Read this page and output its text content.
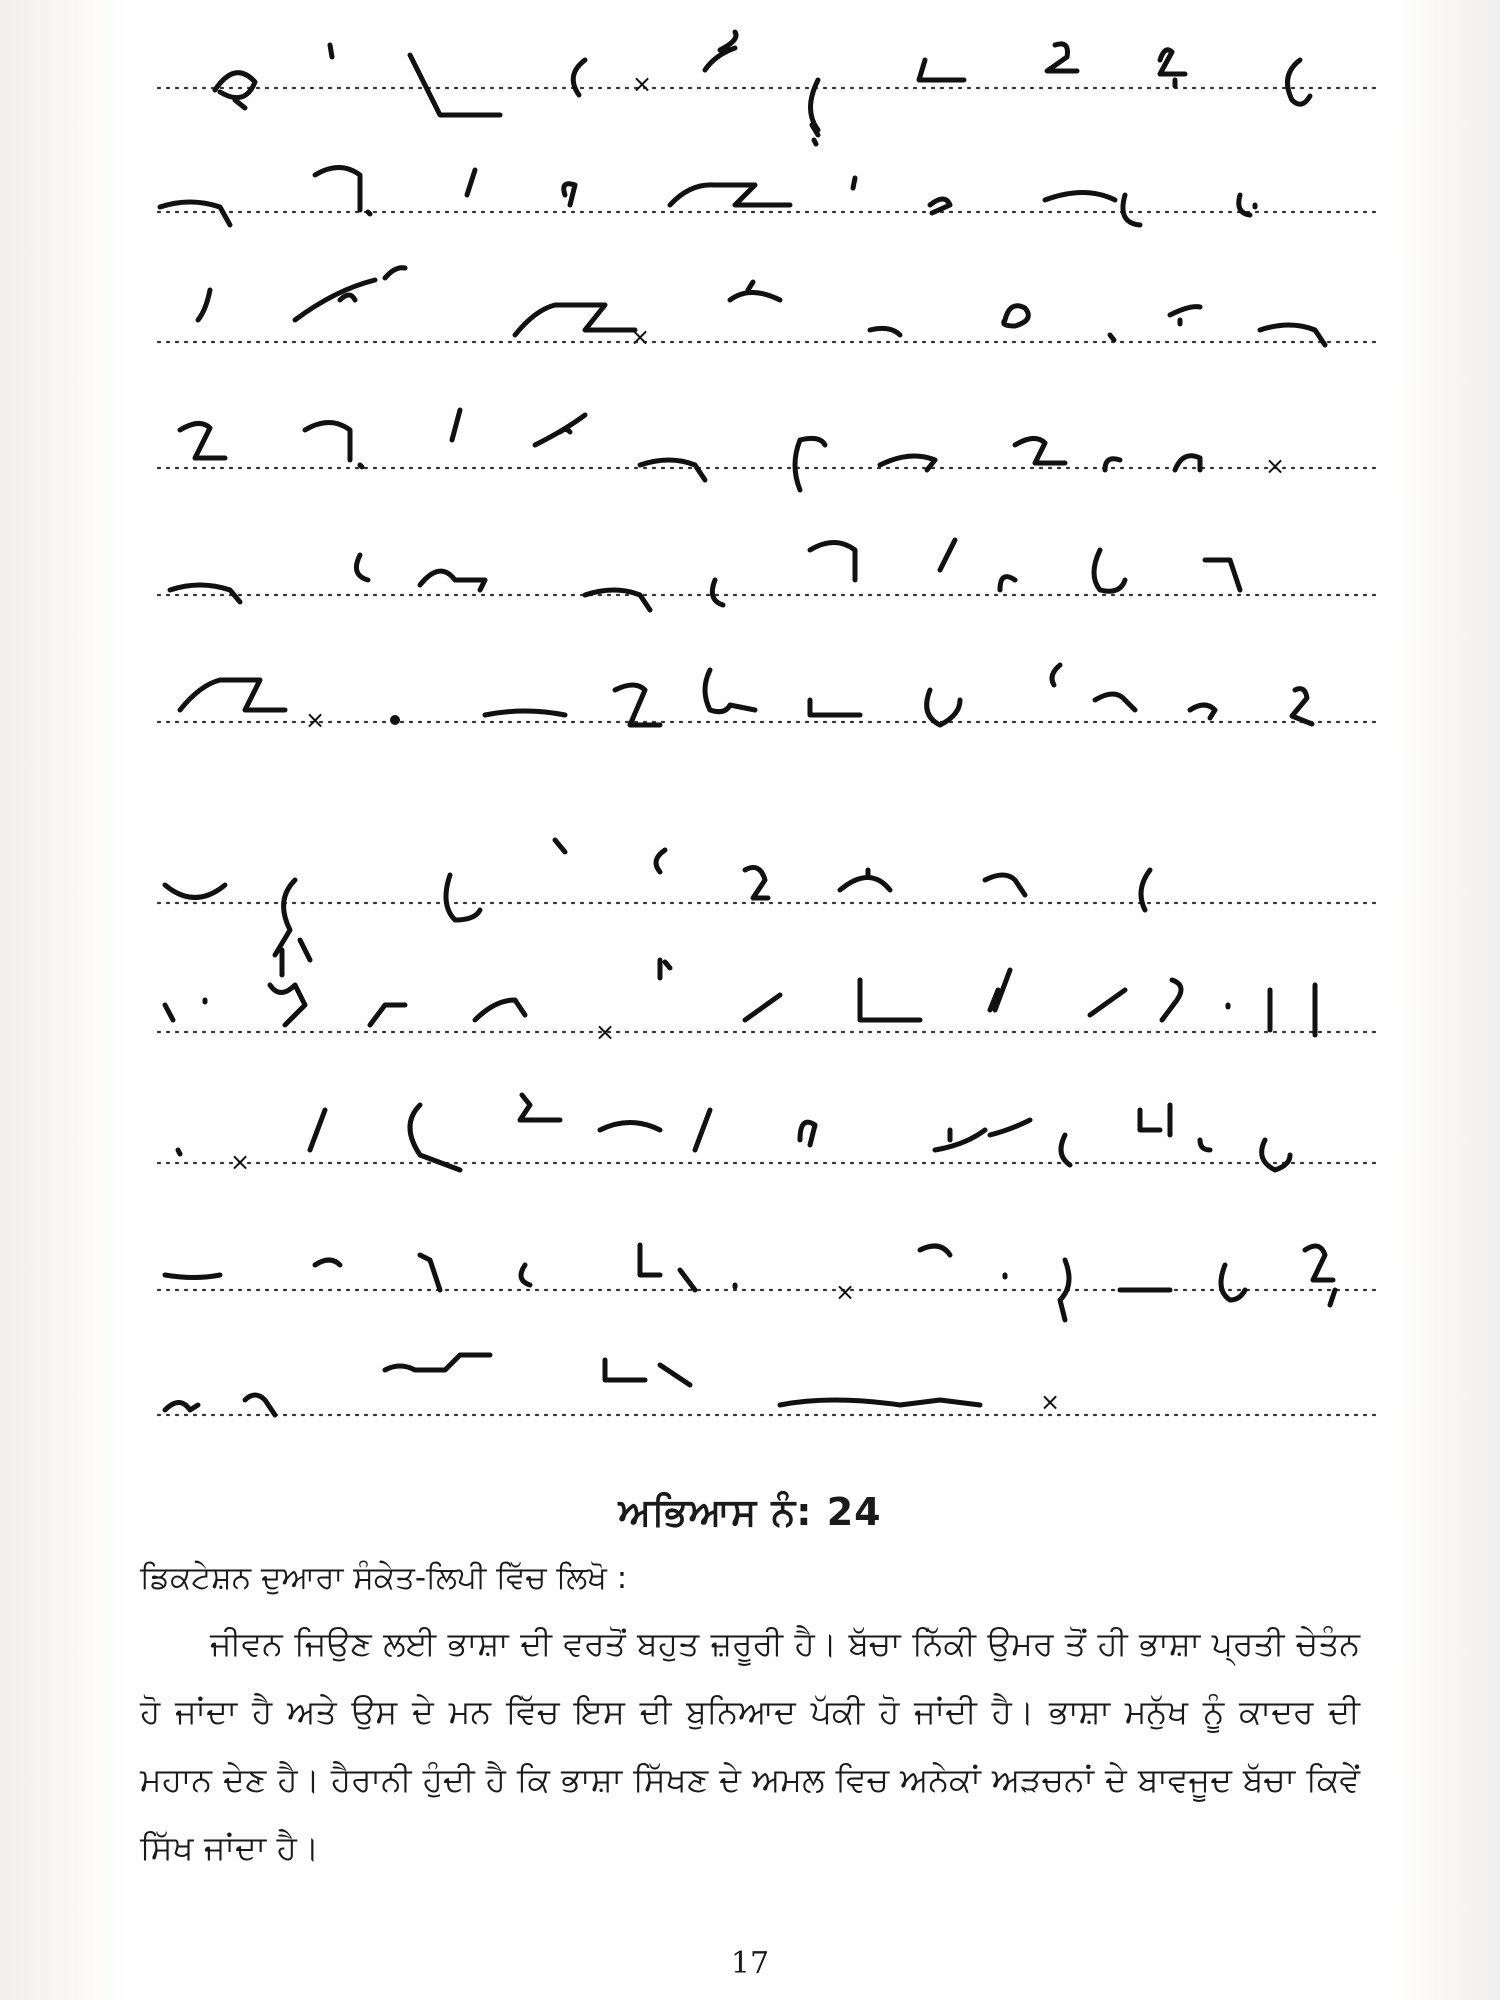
×
×
×
×
×
×
×
×
ਅਭਿਆਸ ਨੰ: 24
ਡਿਕਟੇਸ਼ਨ ਦੁਆਰਾ ਸੰਕੇਤ-ਲਿਪੀ ਵਿੱਚ ਲਿਖੋ :
ਜੀਵਨ ਜਿਉਣ ਲਈ ਭਾਸ਼ਾ ਦੀ ਵਰਤੋਂ ਬਹੁਤ ਜ਼ਰੂਰੀ ਹੈ। ਬੱਚਾ ਨਿੱਕੀ ਉਮਰ ਤੋਂ ਹੀ ਭਾਸ਼ਾ ਪ੍ਰਤੀ ਚੇਤੰਨ ਹੋ ਜਾਂਦਾ ਹੈ ਅਤੇ ਉਸ ਦੇ ਮਨ ਵਿੱਚ ਇਸ ਦੀ ਬੁਨਿਆਦ ਪੱਕੀ ਹੋ ਜਾਂਦੀ ਹੈ। ਭਾਸ਼ਾ ਮਨੁੱਖ ਨੂੰ ਕਾਦਰ ਦੀ ਮਹਾਨ ਦੇਣ ਹੈ। ਹੈਰਾਨੀ ਹੁੰਦੀ ਹੈ ਕਿ ਭਾਸ਼ਾ ਸਿੱਖਣ ਦੇ ਅਮਲ ਵਿਚ ਅਨੇਕਾਂ ਅੜਚਨਾਂ ਦੇ ਬਾਵਜੂਦ ਬੱਚਾ ਕਿਵੇਂ ਸਿੱਖ ਜਾਂਦਾ ਹੈ।
17
